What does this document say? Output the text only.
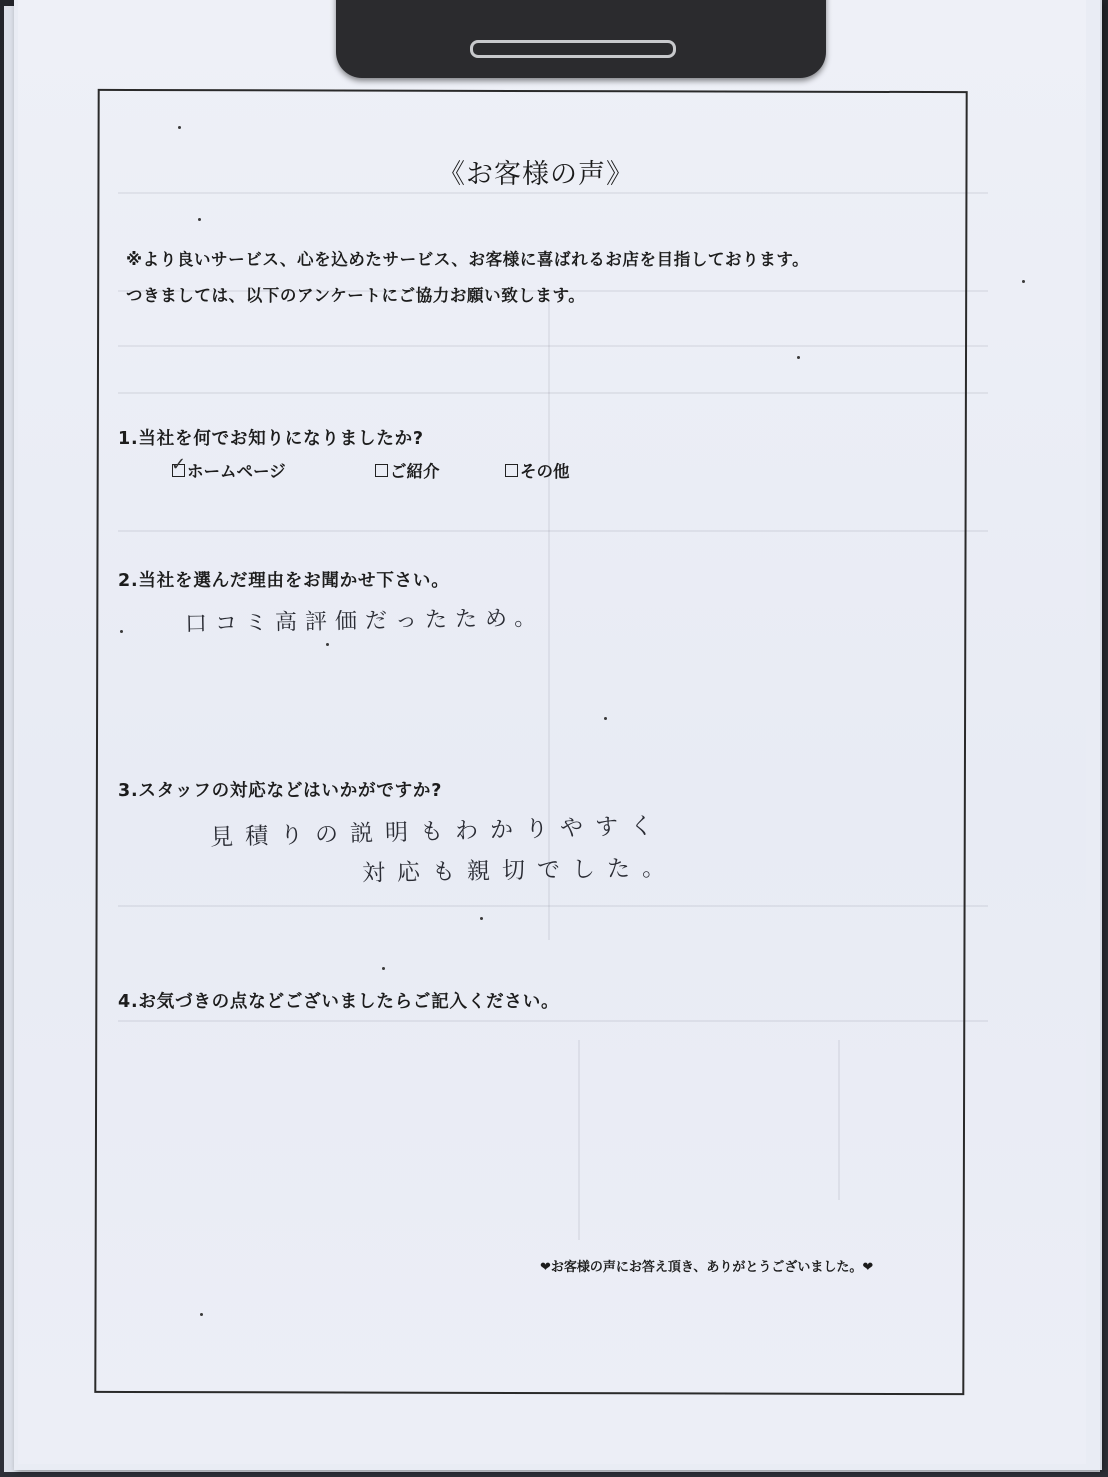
《お客様の声》
※より良いサービス、心を込めたサービス、お客様に喜ばれるお店を目指しております。
つきましては、以下のアンケートにご協力お願い致します。
1.当社を何でお知りになりましたか?
✓ ホームページ	ご紹介	その他
2.当社を選んだ理由をお聞かせ下さい。
口コミ高評価だったため。
3.スタッフの対応などはいかがですか?
見積りの説明もわかりやすく
対応も親切でした。
4.お気づきの点などございましたらご記入ください。
❤お客様の声にお答え頂き、ありがとうございました。❤
